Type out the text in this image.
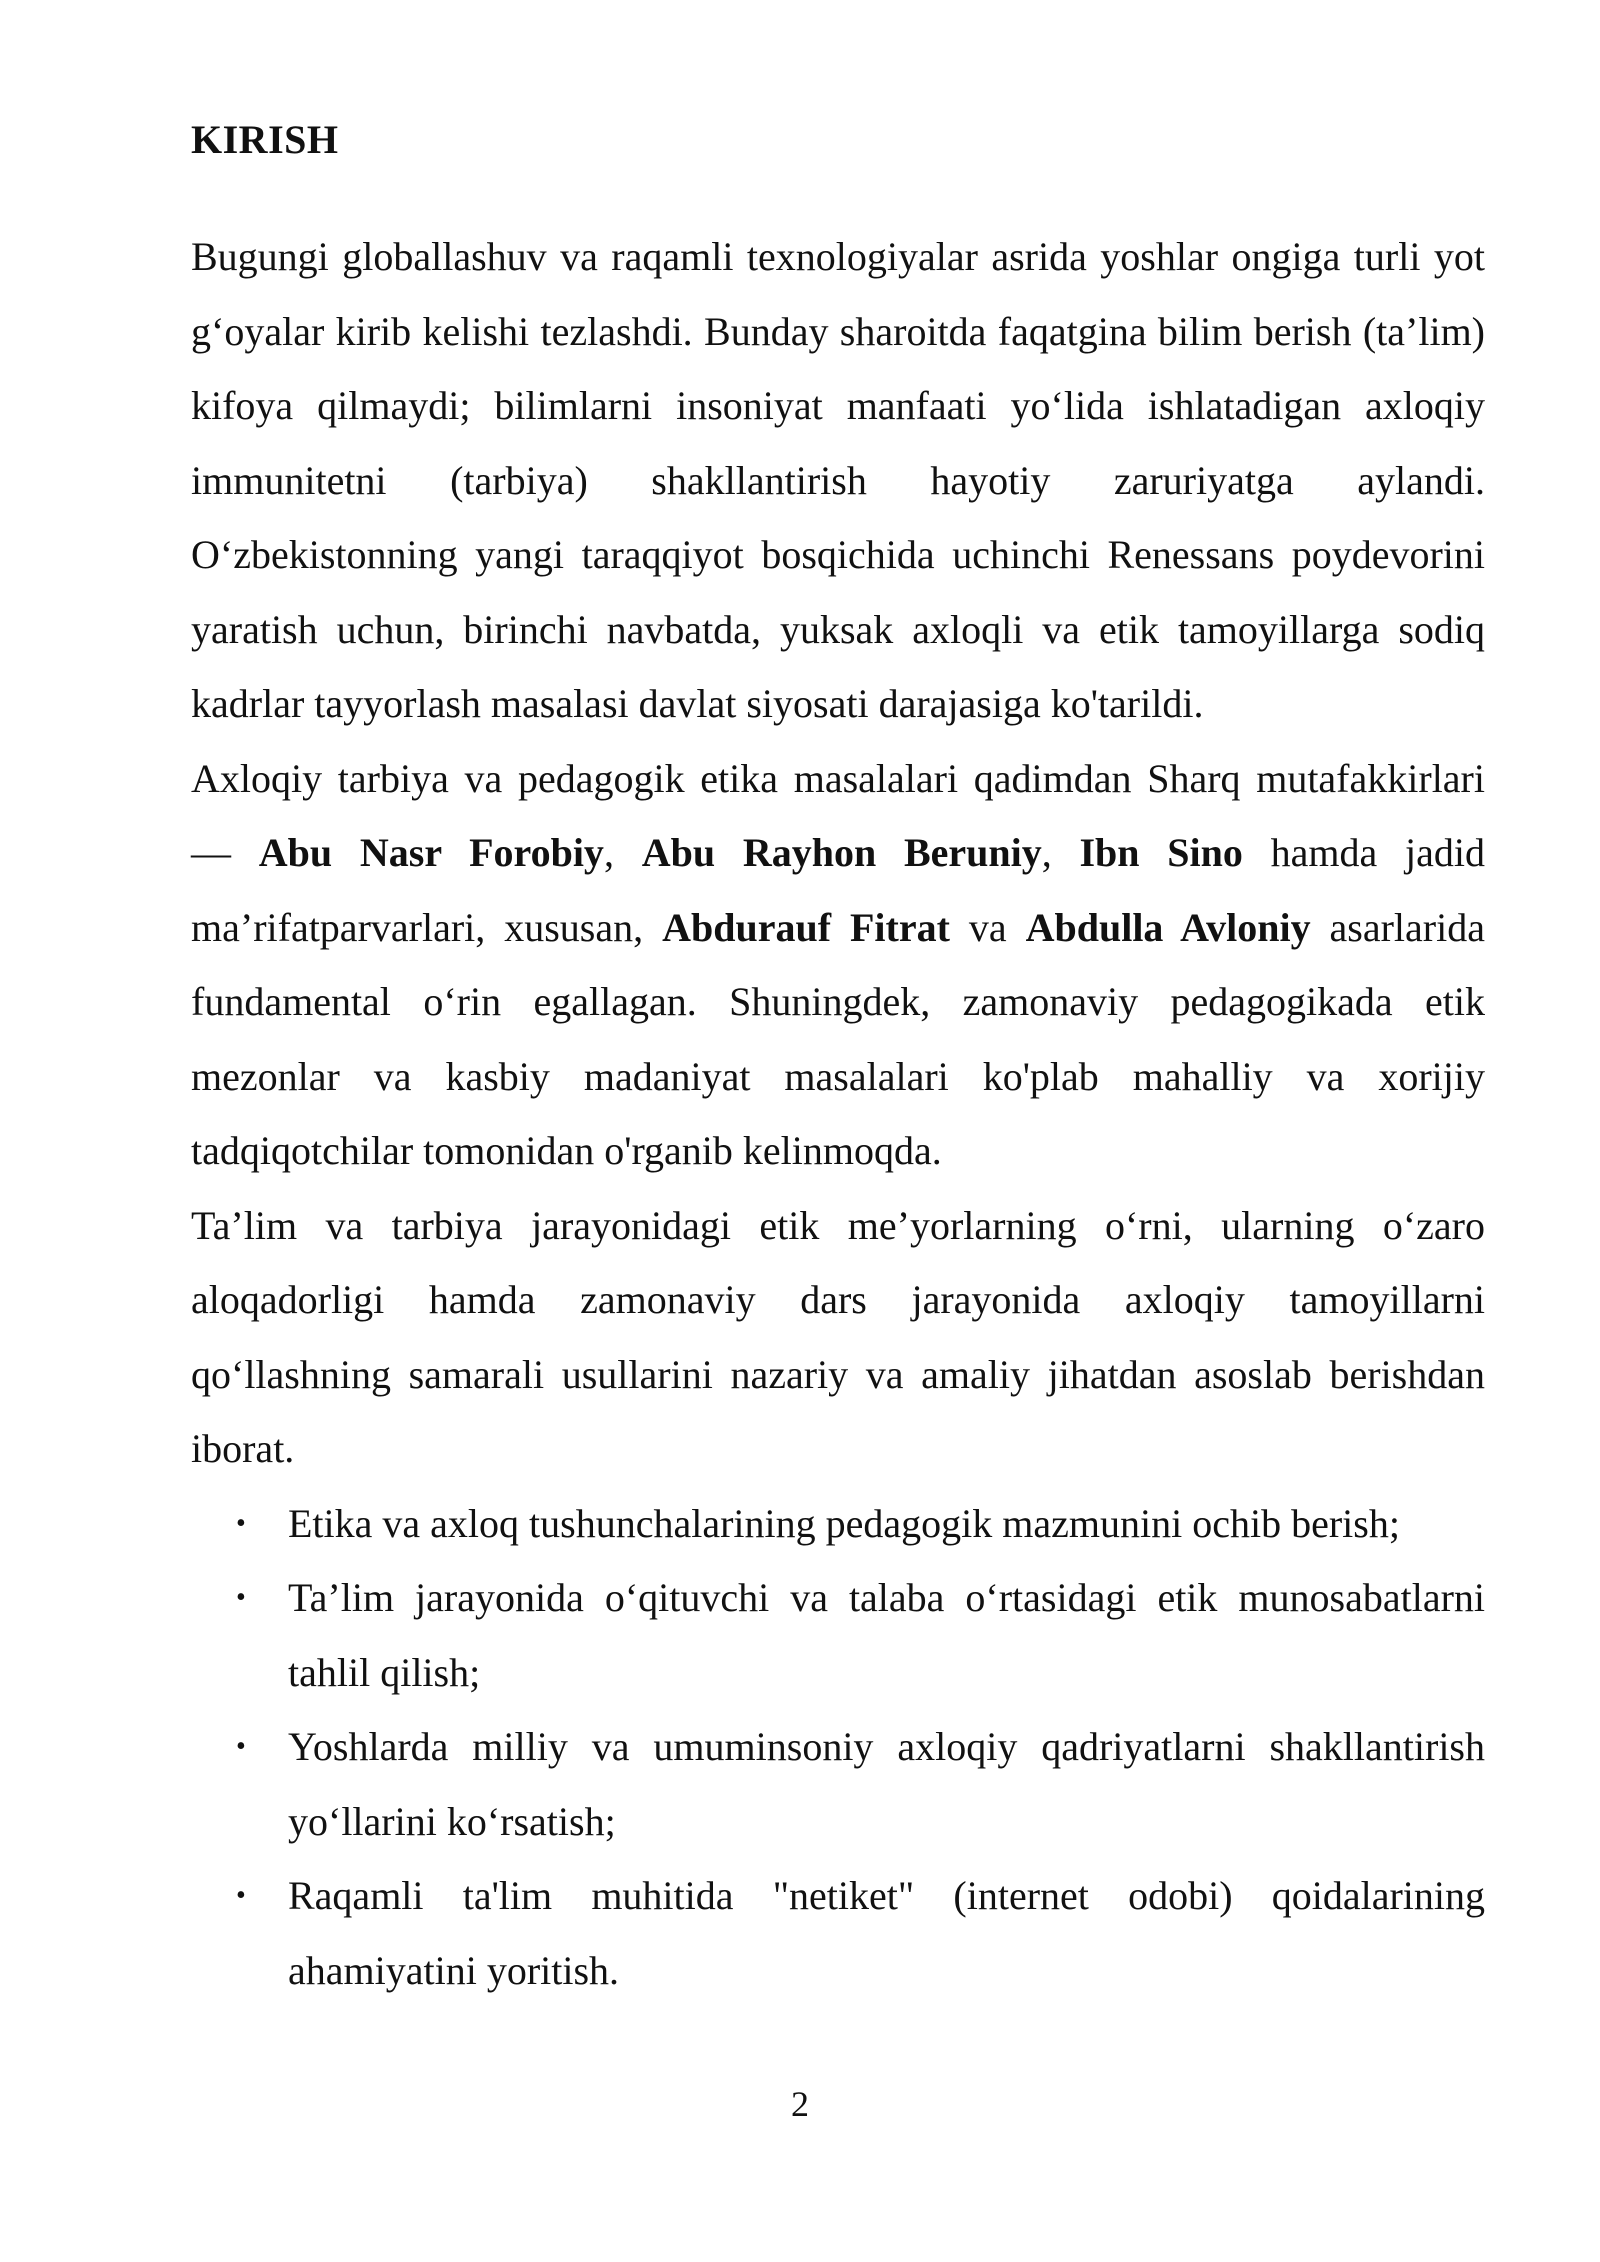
KIRISH

Bugungi globallashuv va raqamli texnologiyalar asrida yoshlar ongiga turli yot g‘oyalar kirib kelishi tezlashdi. Bunday sharoitda faqatgina bilim berish (ta’lim) kifoya qilmaydi; bilimlarni insoniyat manfaati yo‘lida ishlatadigan axloqiy immunitetni (tarbiya) shakllantirish hayotiy zaruriyatga aylandi. O‘zbekistonning yangi taraqqiyot bosqichida uchinchi Renessans poydevorini yaratish uchun, birinchi navbatda, yuksak axloqli va etik tamoyillarga sodiq kadrlar tayyorlash masalasi davlat siyosati darajasiga ko'tarildi.

Axloqiy tarbiya va pedagogik etika masalalari qadimdan Sharq mutafakkirlari — Abu Nasr Forobiy, Abu Rayhon Beruniy, Ibn Sino hamda jadid ma’rifatparvarlari, xususan, Abdurauf Fitrat va Abdulla Avloniy asarlarida fundamental o‘rin egallagan. Shuningdek, zamonaviy pedagogikada etik mezonlar va kasbiy madaniyat masalalari ko'plab mahalliy va xorijiy tadqiqotchilar tomonidan o'rganib kelinmoqda.

Ta’lim va tarbiya jarayonidagi etik me’yorlarning o‘rni, ularning o‘zaro aloqadorligi hamda zamonaviy dars jarayonida axloqiy tamoyillarni qo‘llashning samarali usullarini nazariy va amaliy jihatdan asoslab berishdan iborat.

• Etika va axloq tushunchalarining pedagogik mazmunini ochib berish;
• Ta’lim jarayonida o‘qituvchi va talaba o‘rtasidagi etik munosabatlarni tahlil qilish;
• Yoshlarda milliy va umuminsoniy axloqiy qadriyatlarni shakllantirish yo‘llarini ko‘rsatish;
• Raqamli ta'lim muhitida "netiket" (internet odobi) qoidalarining ahamiyatini yoritish.
2
